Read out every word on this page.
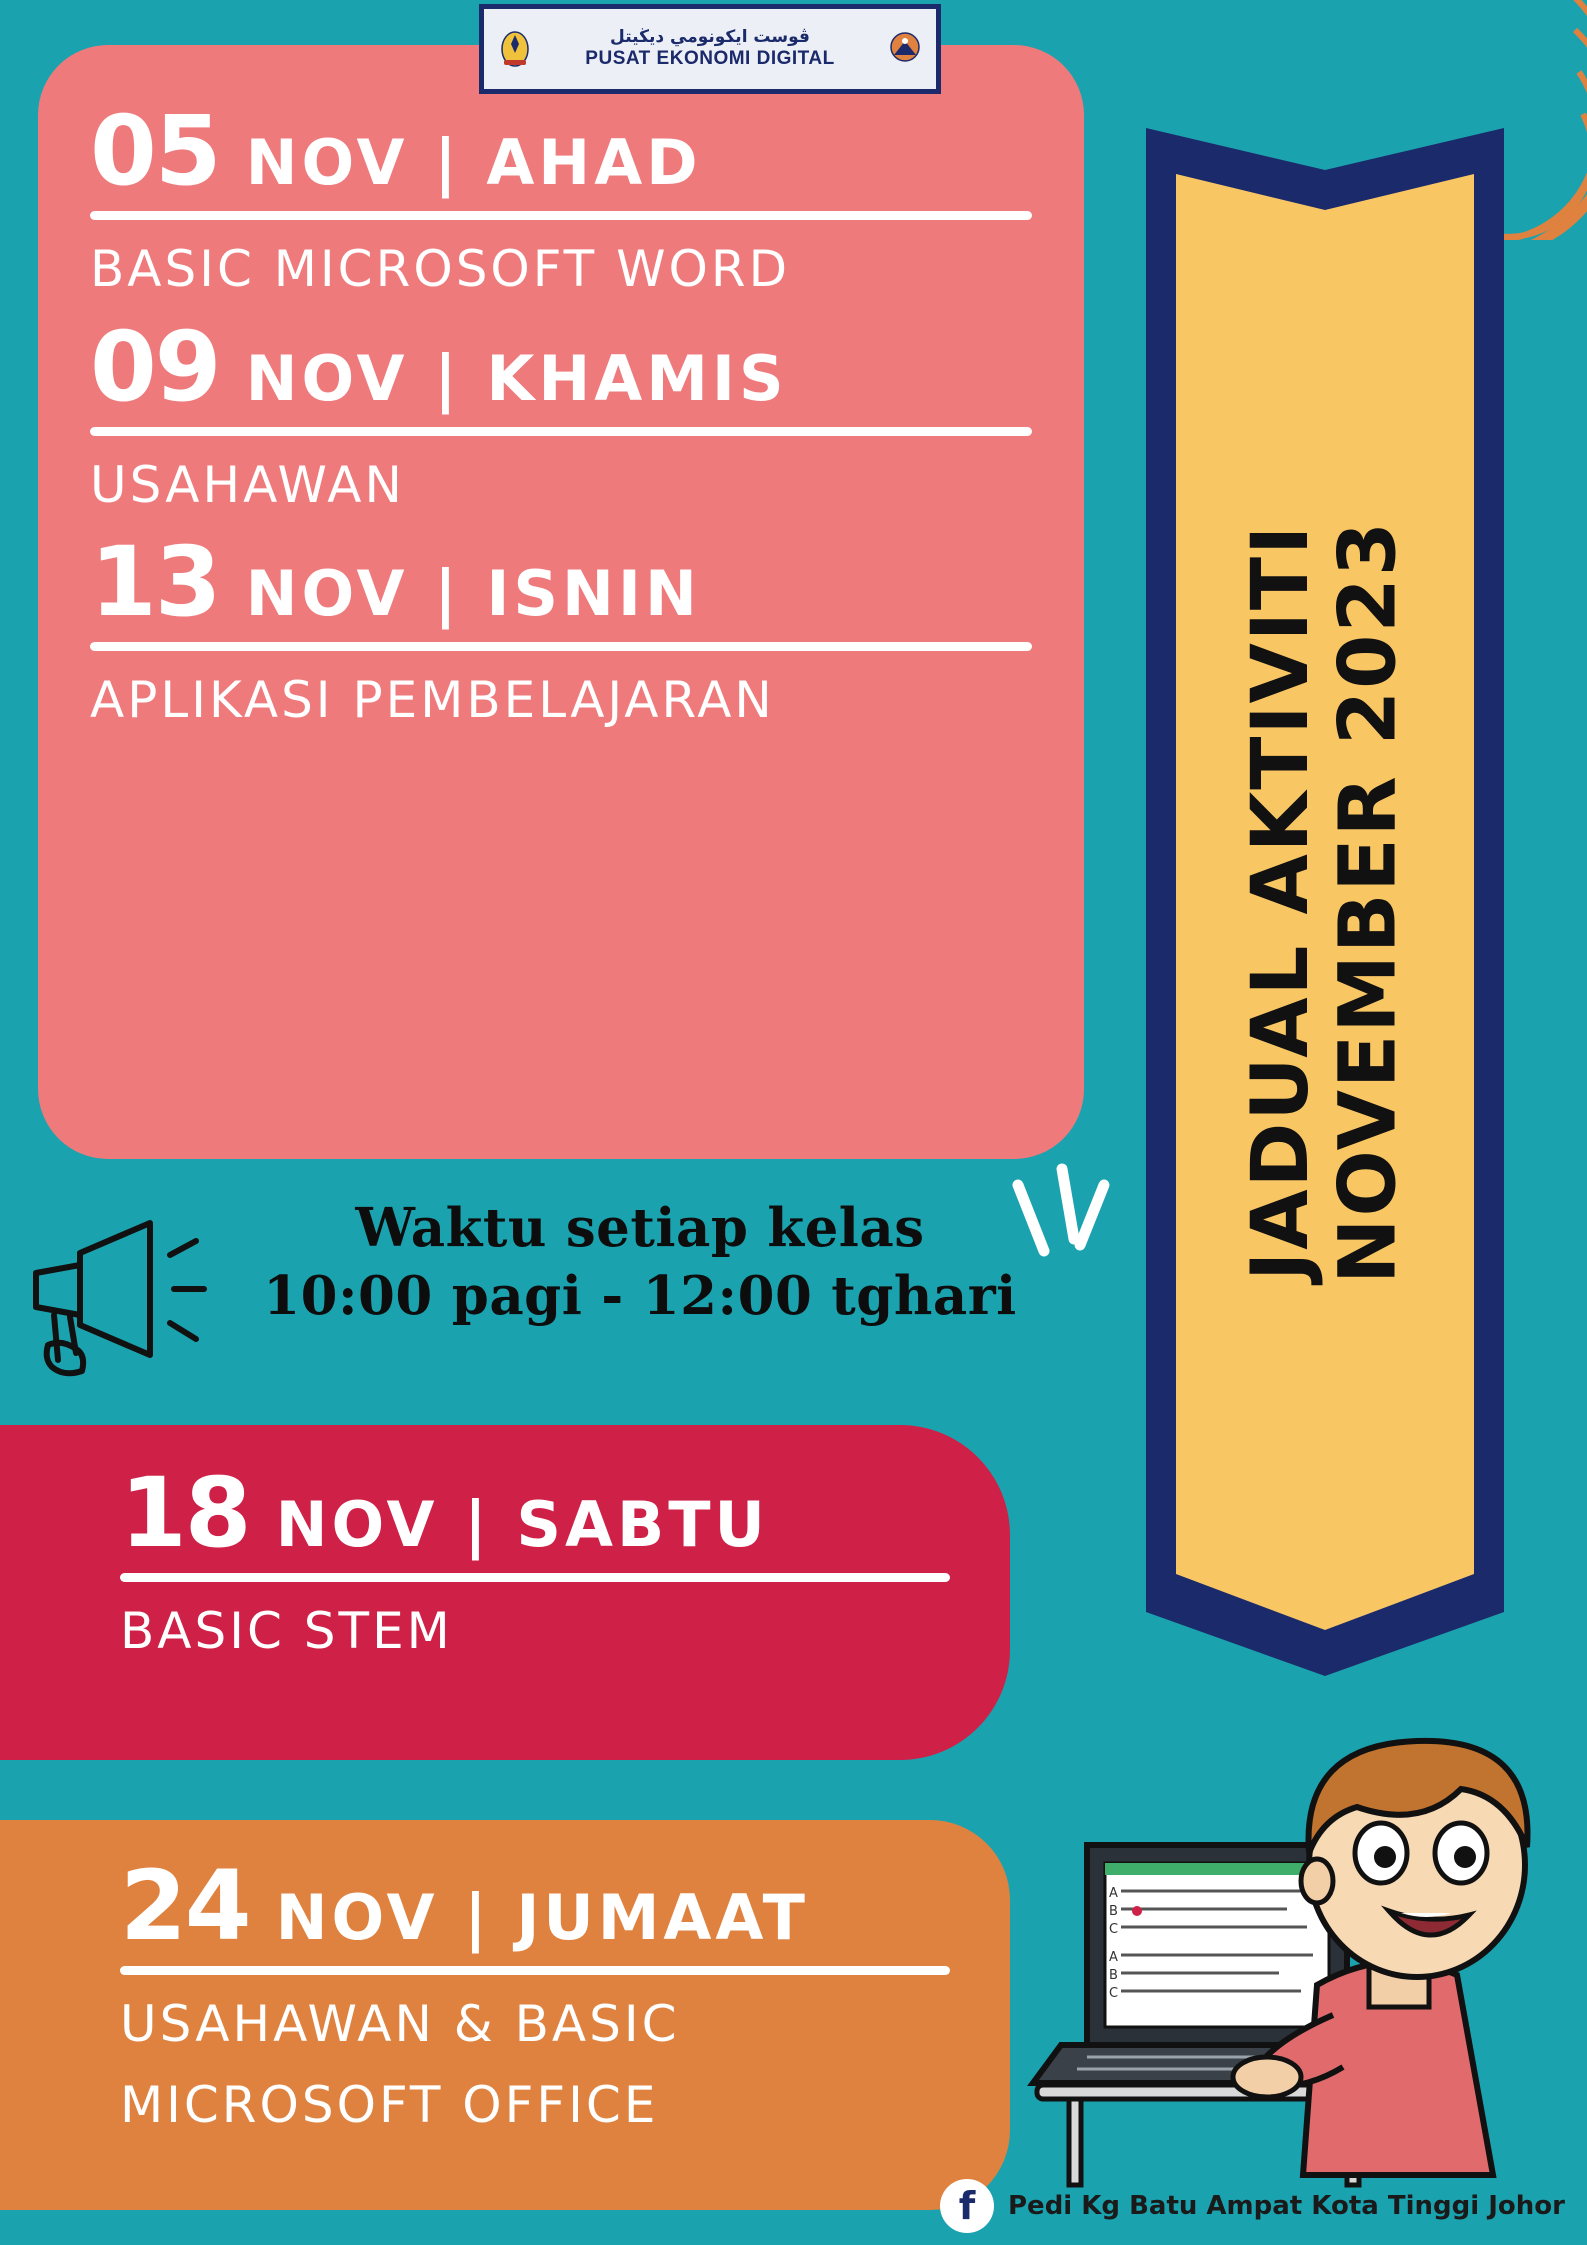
JADUAL AKTIVITI
NOVEMBER 2023
05 NOV | AHAD
BASIC MICROSOFT WORD
09 NOV | KHAMIS
USAHAWAN
13 NOV | ISNIN
APLIKASI PEMBELAJARAN
ڤوست ايكونومي ديڬيتل
PUSAT EKONOMI DIGITAL
Waktu setiap kelas
10:00 pagi - 12:00 tghari
18 NOV | SABTU
BASIC STEM
24 NOV | JUMAAT
USAHAWAN & BASIC
MICROSOFT OFFICE
A
B
C
A
B
C
f Pedi Kg Batu Ampat Kota Tinggi Johor
